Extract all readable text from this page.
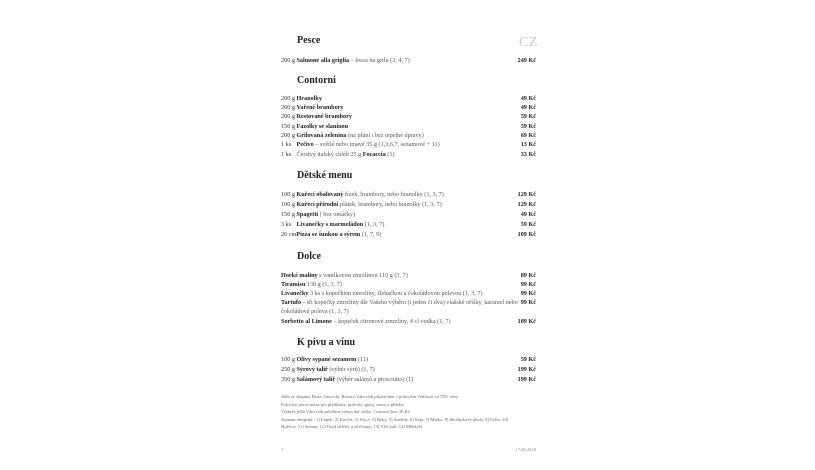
CZ
Pesce
200 g Salmone alla griglia – losos na grilu (3, 4, 7)	249 Kč
Contorni
200 g Hranolky	49 Kč
200 g Vařené brambory	49 Kč
200 g Restované brambory	59 Kč
150 g Fazolky se slaninou	59 Kč
200 g Grilovaná zelenina (na přání i bez tepelné úpravy)	69 Kč
1 ks Pečivo – světlé nebo tmavé 35 g (1,3,6,7, sezamové + 11)	13 Kč
1 ks Čerstvý italský chléb 25 g Focaccia (1)	33 Kč
Dětské menu
100 g Kuřecí obalovaný řízek, brambory, nebo hranolky (1, 3, 7)	129 Kč
100 g Kuřecí přírodní plátek, brambory, nebo hranolky (1, 3, 7)	129 Kč
150 g Spagetti ( bez omáčky)	49 Kč
3 ks Lívanečky s marmeládou (1, 3, 7)	59 Kč
26 cmPizza se šunkou a sýrem (1, 7, 9)	109 Kč
Dolce
Horké maliny s vanilkovou zmrzlinou 110 g (3, 7)	89 Kč
Tiramisu 130 g (1, 3, 7)	99 Kč
Lívanečky 3 ks s kopečkem zmrzliny, šlehačkou a čokoládovou polevou (1, 3, 7)	99 Kč
Tartufo – tři kopečky zmrzliny dle Vašeho výběru (i jeden či dva) vlašské oříšky, karamel nebo čokoládová poleva (1, 3, 7)
99 Kč
Sorbetto al Limone – kopeček citronové zmrzliny, 4 cl vodka (1, 7)	109 Kč
K pivu a vínu
100 g Olivy sypané sezamem (11)	59 Kč
250 g Sýrový talíř (výběr sýrů) (1, 7)	199 Kč
350 g Salámový talíř (výběr salámů a prosciutto) (1)	199 Kč
Jídla ze skupiny Pasta, Gnocchi, Risotto Vám rádi připravíme v poloviční velikosti za 75% ceny.
Polovičn porce nelze pro předkrmy, polévky, pizzy, maso a přílohy.
Veškerá jídla Vám rádi zabalíme sebou dař sáčky. Cestovní box 30 Kč.
Seznam alergenů : 1) Lepek, 2) Korýši, 3) Vejce, 4) Ryby, 5) Arašídy, 6) Sója, 7) Mléko, 8) Skořápkové plody, 9) Celer, 10)
Hořčice, 11) Sezam, 12) Oxid siřičitý a siřičitany, 13) Vlčí bob, 14) Měkkýši
3	17.06.2018
